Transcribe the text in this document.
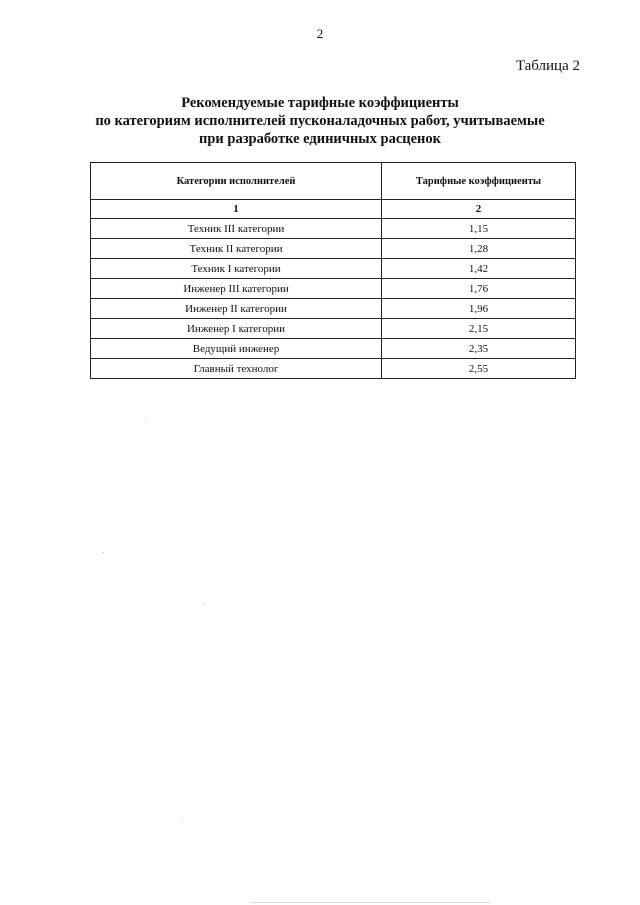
2
Таблица 2
Рекомендуемые тарифные коэффициенты
по категориям исполнителей пусконаладочных работ, учитываемые
при разработке единичных расценок
Категории исполнителей	Тарифные коэффициенты
1	2
Техник III категории	1,15
Техник II категории	1,28
Техник I категории	1,42
Инженер III категории	1,76
Инженер II категории	1,96
Инженер I категории	2,15
Ведущий инженер	2,35
Главный технолог	2,55
